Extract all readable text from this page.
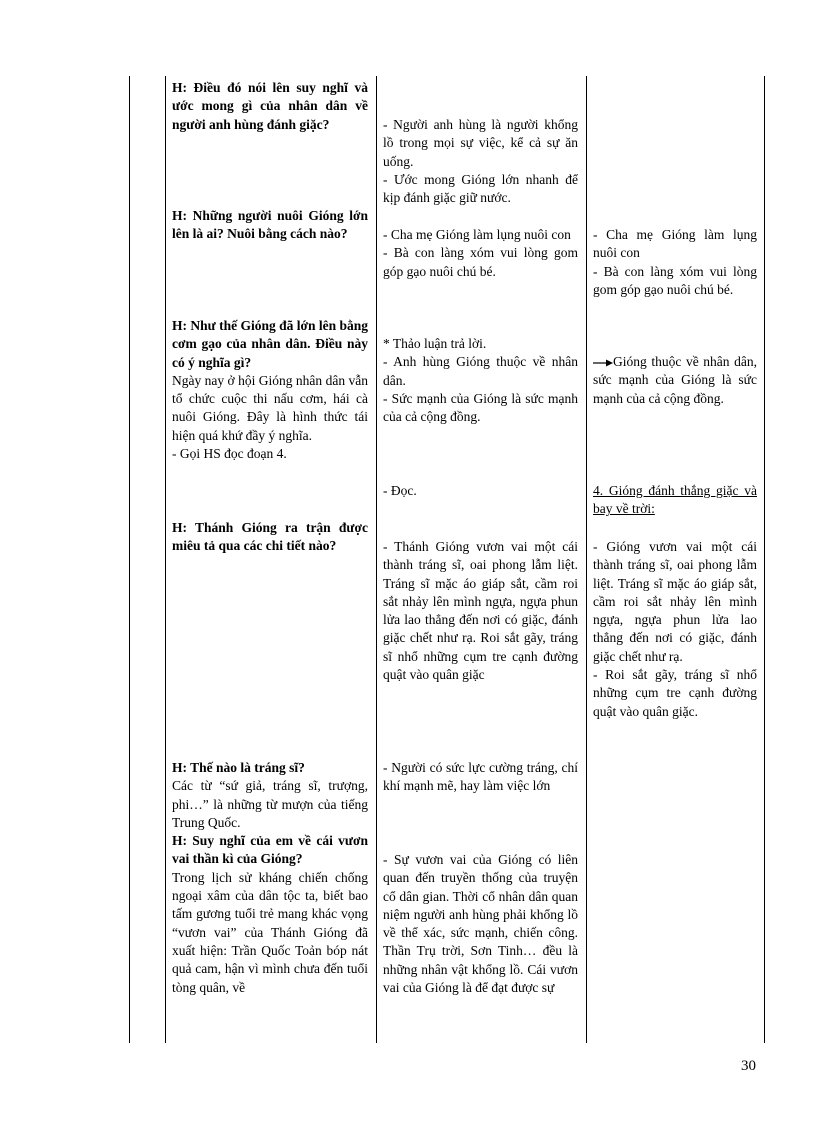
H: Điều đó nói lên suy nghĩ và ước mong gì của nhân dân về người anh hùng đánh giặc?
H: Những người nuôi Gióng lớn lên là ai? Nuôi bằng cách nào?

H: Như thế Gióng đã lớn lên bằng cơm gạo của nhân dân. Điều này có ý nghĩa gì?

Ngày nay ở hội Gióng nhân dân vẫn tổ chức cuộc thi nấu cơm, hái cà nuôi Gióng. Đây là hình thức tái hiện quá khứ đầy ý nghĩa.

- Gọi HS đọc đoạn 4.

H: Thánh Gióng ra trận được miêu tả qua các chi tiết nào?

H: Thế nào là tráng sĩ?

Các từ “sứ giả, tráng sĩ, trượng, phi…” là những từ mượn của tiếng Trung Quốc.

H: Suy nghĩ của em về cái vươn vai thần kì của Gióng?

Trong lịch sử kháng chiến chống ngoại xâm của dân tộc ta, biết bao tấm gương tuổi trẻ mang khác vọng “vươn vai” của Thánh Gióng đã xuất hiện: Trần Quốc Toản bóp nát quả cam, hận vì mình chưa đến tuổi tòng quân, về

- Người anh hùng là người khổng lồ trong mọi sự việc, kể cả sự ăn uống.

- Ước mong Gióng lớn nhanh để kịp đánh giặc giữ nước.

- Cha mẹ Gióng làm lụng nuôi con

- Bà con làng xóm vui lòng gom góp gạo nuôi chú bé.

* Thảo luận trả lời.

- Anh hùng Gióng thuộc về nhân dân.

- Sức mạnh của Gióng là sức mạnh của cả cộng đồng.

- Đọc.
- Thánh Gióng vươn vai một cái thành tráng sĩ, oai phong lẫm liệt. Tráng sĩ mặc áo giáp sắt, cầm roi sắt nhảy lên mình ngựa, ngựa phun lửa lao thẳng đến nơi có giặc, đánh giặc chết như rạ. Roi sắt gãy, tráng sĩ nhổ những cụm tre cạnh đường quật vào quân giặc
- Người có sức lực cường tráng, chí khí mạnh mẽ, hay làm việc lớn
- Sự vươn vai của Gióng có liên quan đến truyền thống của truyện cổ dân gian. Thời cổ nhân dân quan niệm người anh hùng phải khổng lồ về thể xác, sức mạnh, chiến công. Thần Trụ trời, Sơn Tinh… đều là những nhân vật khổng lồ. Cái vươn vai của Gióng là để đạt được sự

- Cha mẹ Gióng làm lụng nuôi con

- Bà con làng xóm vui lòng gom góp gạo nuôi chú bé.

Gióng thuộc về nhân dân, sức mạnh của Gióng là sức mạnh của cả cộng đồng.

4. Gióng đánh thắng giặc và bay về trời:

- Gióng vươn vai một cái thành tráng sĩ, oai phong lẫm liệt. Tráng sĩ mặc áo giáp sắt, cầm roi sắt nhảy lên mình ngựa, ngựa phun lửa lao thẳng đến nơi có giặc, đánh giặc chết như rạ.

- Roi sắt gãy, tráng sĩ nhổ những cụm tre cạnh đường quật vào quân giặc.

30
